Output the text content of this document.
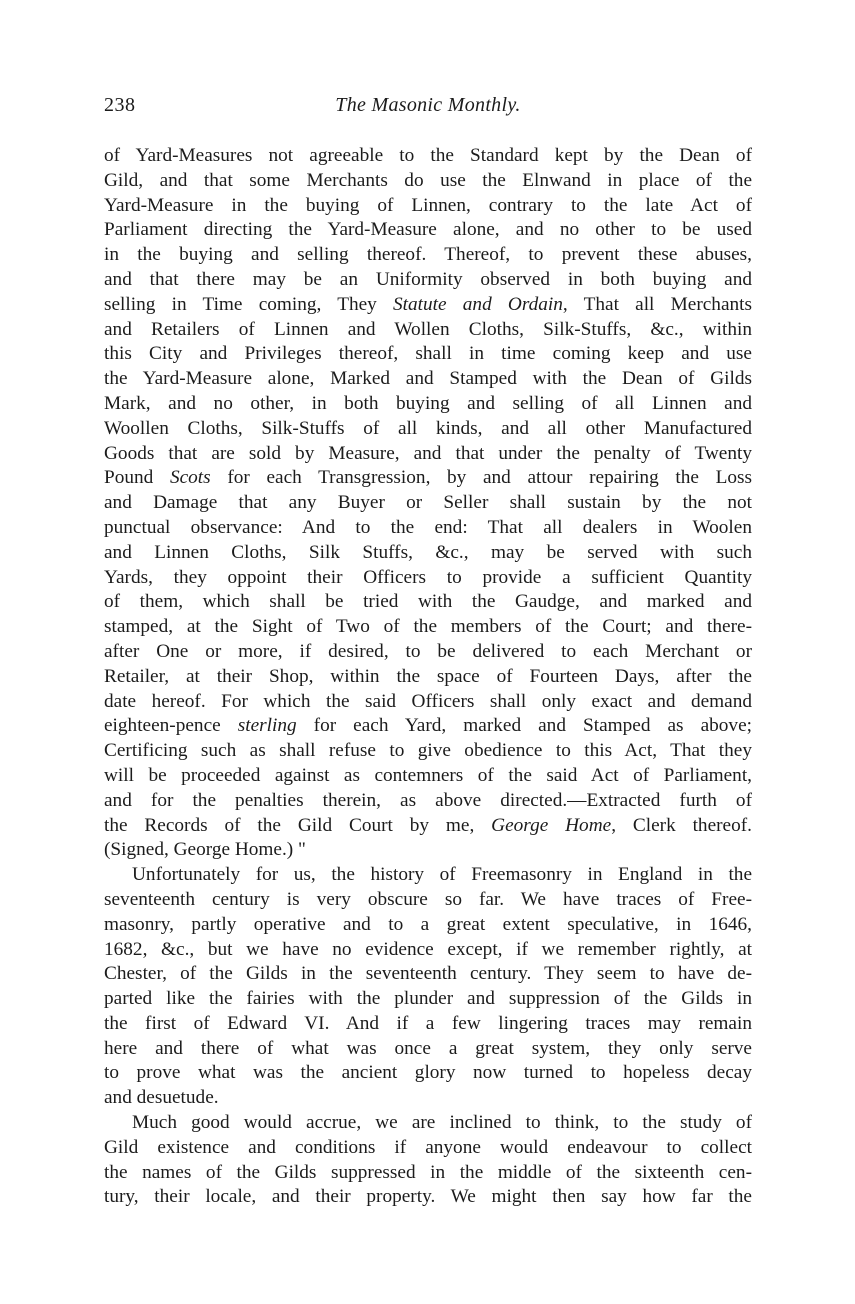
238	The Masonic Monthly.
of Yard-Measures not agreeable to the Standard kept by the Dean of
Gild, and that some Merchants do use the Elnwand in place of the
Yard-Measure in the buying of Linnen, contrary to the late Act of
Parliament directing the Yard-Measure alone, and no other to be used
in the buying and selling thereof. Thereof, to prevent these abuses,
and that there may be an Uniformity observed in both buying and
selling in Time coming, They Statute and Ordain, That all Merchants
and Retailers of Linnen and Wollen Cloths, Silk-Stuffs, &c., within
this City and Privileges thereof, shall in time coming keep and use
the Yard-Measure alone, Marked and Stamped with the Dean of Gilds
Mark, and no other, in both buying and selling of all Linnen and
Woollen Cloths, Silk-Stuffs of all kinds, and all other Manufactured
Goods that are sold by Measure, and that under the penalty of Twenty
Pound Scots for each Transgression, by and attour repairing the Loss
and Damage that any Buyer or Seller shall sustain by the not
punctual observance: And to the end: That all dealers in Woolen
and Linnen Cloths, Silk Stuffs, &c., may be served with such
Yards, they oppoint their Officers to provide a sufficient Quantity
of them, which shall be tried with the Gaudge, and marked and
stamped, at the Sight of Two of the members of the Court; and there-
after One or more, if desired, to be delivered to each Merchant or
Retailer, at their Shop, within the space of Fourteen Days, after the
date hereof. For which the said Officers shall only exact and demand
eighteen-pence sterling for each Yard, marked and Stamped as above;
Certificing such as shall refuse to give obedience to this Act, That they
will be proceeded against as contemners of the said Act of Parliament,
and for the penalties therein, as above directed.—Extracted furth of
the Records of the Gild Court by me, George Home, Clerk thereof.
(Signed, George Home.) "
Unfortunately for us, the history of Freemasonry in England in the
seventeenth century is very obscure so far. We have traces of Free-
masonry, partly operative and to a great extent speculative, in 1646,
1682, &c., but we have no evidence except, if we remember rightly, at
Chester, of the Gilds in the seventeenth century. They seem to have de-
parted like the fairies with the plunder and suppression of the Gilds in
the first of Edward VI. And if a few lingering traces may remain
here and there of what was once a great system, they only serve
to prove what was the ancient glory now turned to hopeless decay
and desuetude.
Much good would accrue, we are inclined to think, to the study of
Gild existence and conditions if anyone would endeavour to collect
the names of the Gilds suppressed in the middle of the sixteenth cen-
tury, their locale, and their property. We might then say how far the
